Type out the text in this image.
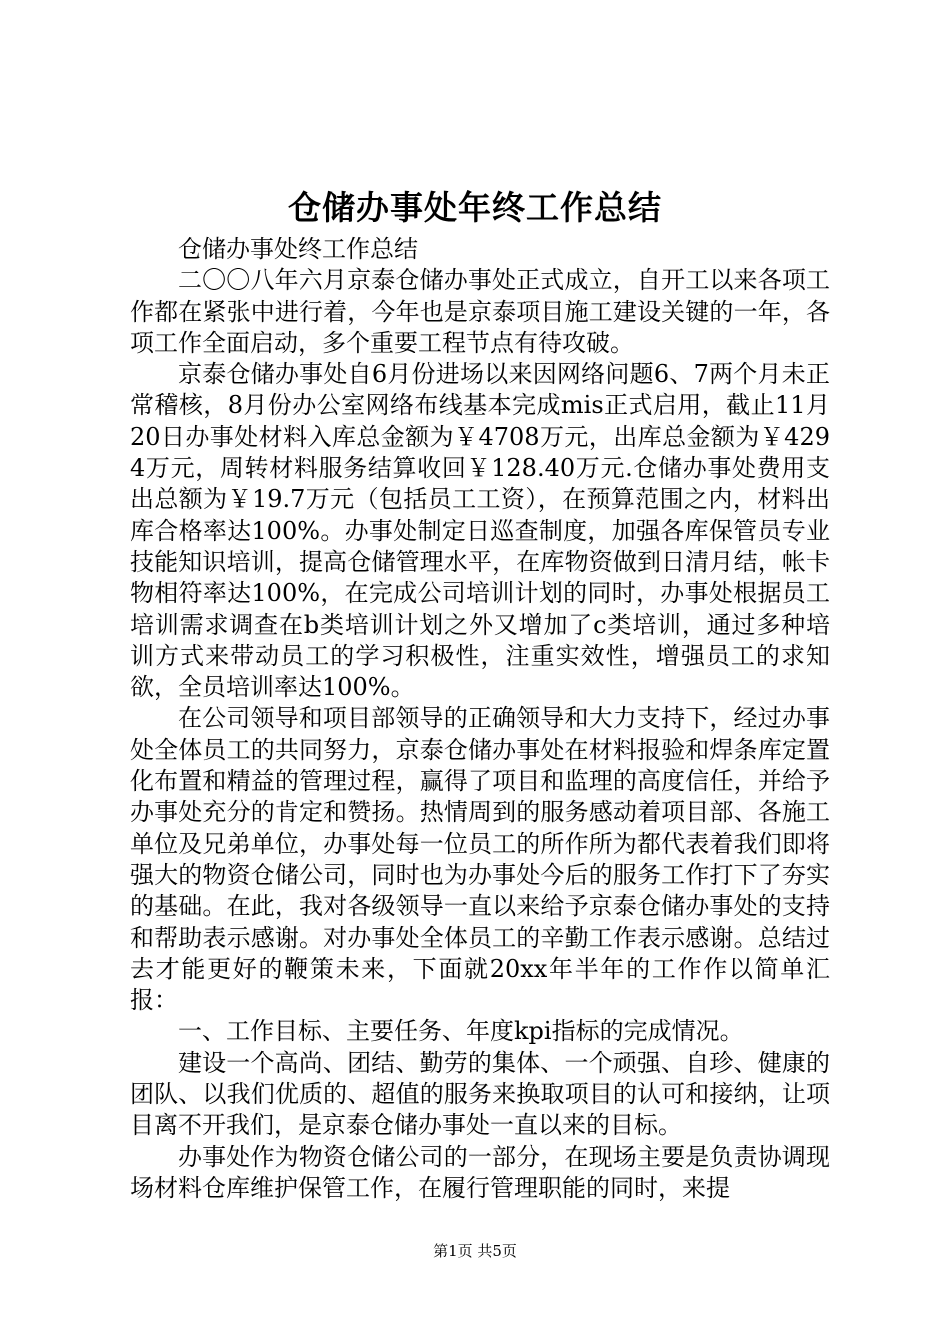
仓储办事处年终工作总结

仓储办事处终工作总结

二〇〇八年六月京泰仓储办事处正式成立，自开工以来各项工作都在紧张中进行着，今年也是京泰项目施工建设关键的一年，各项工作全面启动，多个重要工程节点有待攻破。

京泰仓储办事处自6月份进场以来因网络问题6、7两个月未正常稽核，8月份办公室网络布线基本完成mis正式启用，截止11月20日办事处材料入库总金额为￥4708万元，出库总金额为￥4294万元，周转材料服务结算收回￥128.40万元.仓储办事处费用支出总额为￥19.7万元（包括员工工资），在预算范围之内，材料出库合格率达100%。办事处制定日巡查制度，加强各库保管员专业技能知识培训，提高仓储管理水平，在库物资做到日清月结，帐卡物相符率达100%，在完成公司培训计划的同时，办事处根据员工培训需求调查在b类培训计划之外又增加了c类培训，通过多种培训方式来带动员工的学习积极性，注重实效性，增强员工的求知欲，全员培训率达100%。

在公司领导和项目部领导的正确领导和大力支持下，经过办事处全体员工的共同努力，京泰仓储办事处在材料报验和焊条库定置化布置和精益的管理过程，赢得了项目和监理的高度信任，并给予办事处充分的肯定和赞扬。热情周到的服务感动着项目部、各施工单位及兄弟单位，办事处每一位员工的所作所为都代表着我们即将强大的物资仓储公司，同时也为办事处今后的服务工作打下了夯实的基础。在此，我对各级领导一直以来给予京泰仓储办事处的支持和帮助表示感谢。对办事处全体员工的辛勤工作表示感谢。总结过去才能更好的鞭策未来，下面就20xx年半年的工作作以简单汇报：

一、工作目标、主要任务、年度kpi指标的完成情况。

建设一个高尚、团结、勤劳的集体、一个顽强、自珍、健康的团队、以我们优质的、超值的服务来换取项目的认可和接纳，让项目离不开我们，是京泰仓储办事处一直以来的目标。

办事处作为物资仓储公司的一部分，在现场主要是负责协调现场材料仓库维护保管工作，在履行管理职能的同时，来提

第1页 共5页
